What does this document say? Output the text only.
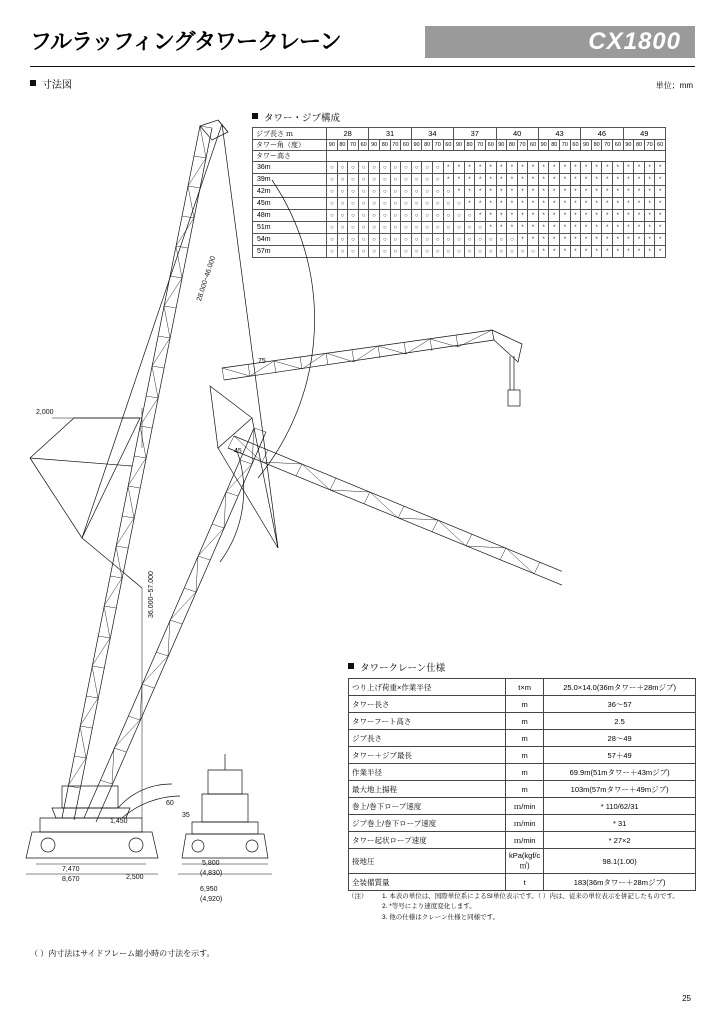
フルラッフィングタワークレーン	CX1800
寸法図	単位；mm
タワー・ジブ構成
ジブ長さ ｍ	28				31				34				37				40				43				46				49			
タワー角（度）	90	80	70	60	90	80	70	60	90	80	70	60	90	80	70	60	90	80	70	60	90	80	70	60	90	80	70	60	90	80	70	60
タワー高さ																																
36m	○	○	○	○	○	○	○	○	○	○	○	*	*	*	*	*	*	*	*	*	*	*	*	*	*	*	*	*	*	*	*	*
39m	○	○	○	○	○	○	○	○	○	○	○	*	*	*	*	*	*	*	*	*	*	*	*	*	*	*	*	*	*	*	*	*
42m	○	○	○	○	○	○	○	○	○	○	○	○	*	*	*	*	*	*	*	*	*	*	*	*	*	*	*	*	*	*	*	*
45m	○	○	○	○	○	○	○	○	○	○	○	○	○	*	*	*	*	*	*	*	*	*	*	*	*	*	*	*	*	*	*	*
48m	○	○	○	○	○	○	○	○	○	○	○	○	○	○	*	*	*	*	*	*	*	*	*	*	*	*	*	*	*	*	*	*
51m	○	○	○	○	○	○	○	○	○	○	○	○	○	○	○	*	*	*	*	*	*	*	*	*	*	*	*	*	*	*	*	*
54m	○	○	○	○	○	○	○	○	○	○	○	○	○	○	○	○	○	○	*	*	*	*	*	*	*	*	*	*	*	*	*	*
57m	○	○	○	○	○	○	○	○	○	○	○	○	○	○	○	○	○	○	○	○	*	*	*	*	*	*	*	*	*	*	*	*
2,000
28.000~46.000
36.000~57.000
75
45
60
35
1,450
2,500
7,470
8,670
5,800
(4,830)
6,950
(4,920)
タワークレーン仕様
つり上げ荷重×作業半径	t×m	25.0×14.0(36mタワー＋28mジブ)
タワー長さ	m	36～57
タワーフート高さ	m	2.5
ジブ長さ	m	28～49
タワー＋ジブ最長	m	57＋49
作業半径	m	69.9m(51mタワー＋43mジブ)
最大地上揚程	m	103m(57mタワー＋49mジブ)
巻上/巻下ロープ速度	ｍ/min	* 110/62/31
ジブ巻上/巻下ロープ速度	ｍ/min	* 31
タワー起状ロープ速度	ｍ/min	* 27×2
接地圧	kPa(kgf/c㎡)	98.1(1.00)
全装備質量	t	183(36mタワー＋28mジブ)
（注） 1. 本表の単位は、国際単位系によるSI単位表示です。（ ）内は、従来の単位表示を併記したものです。
2. *等号により速度変化します。
3. 他の仕様はクレーン仕様と同様です。
（ ）内寸法はサイドフレーム縮小時の寸法を示す。
25
